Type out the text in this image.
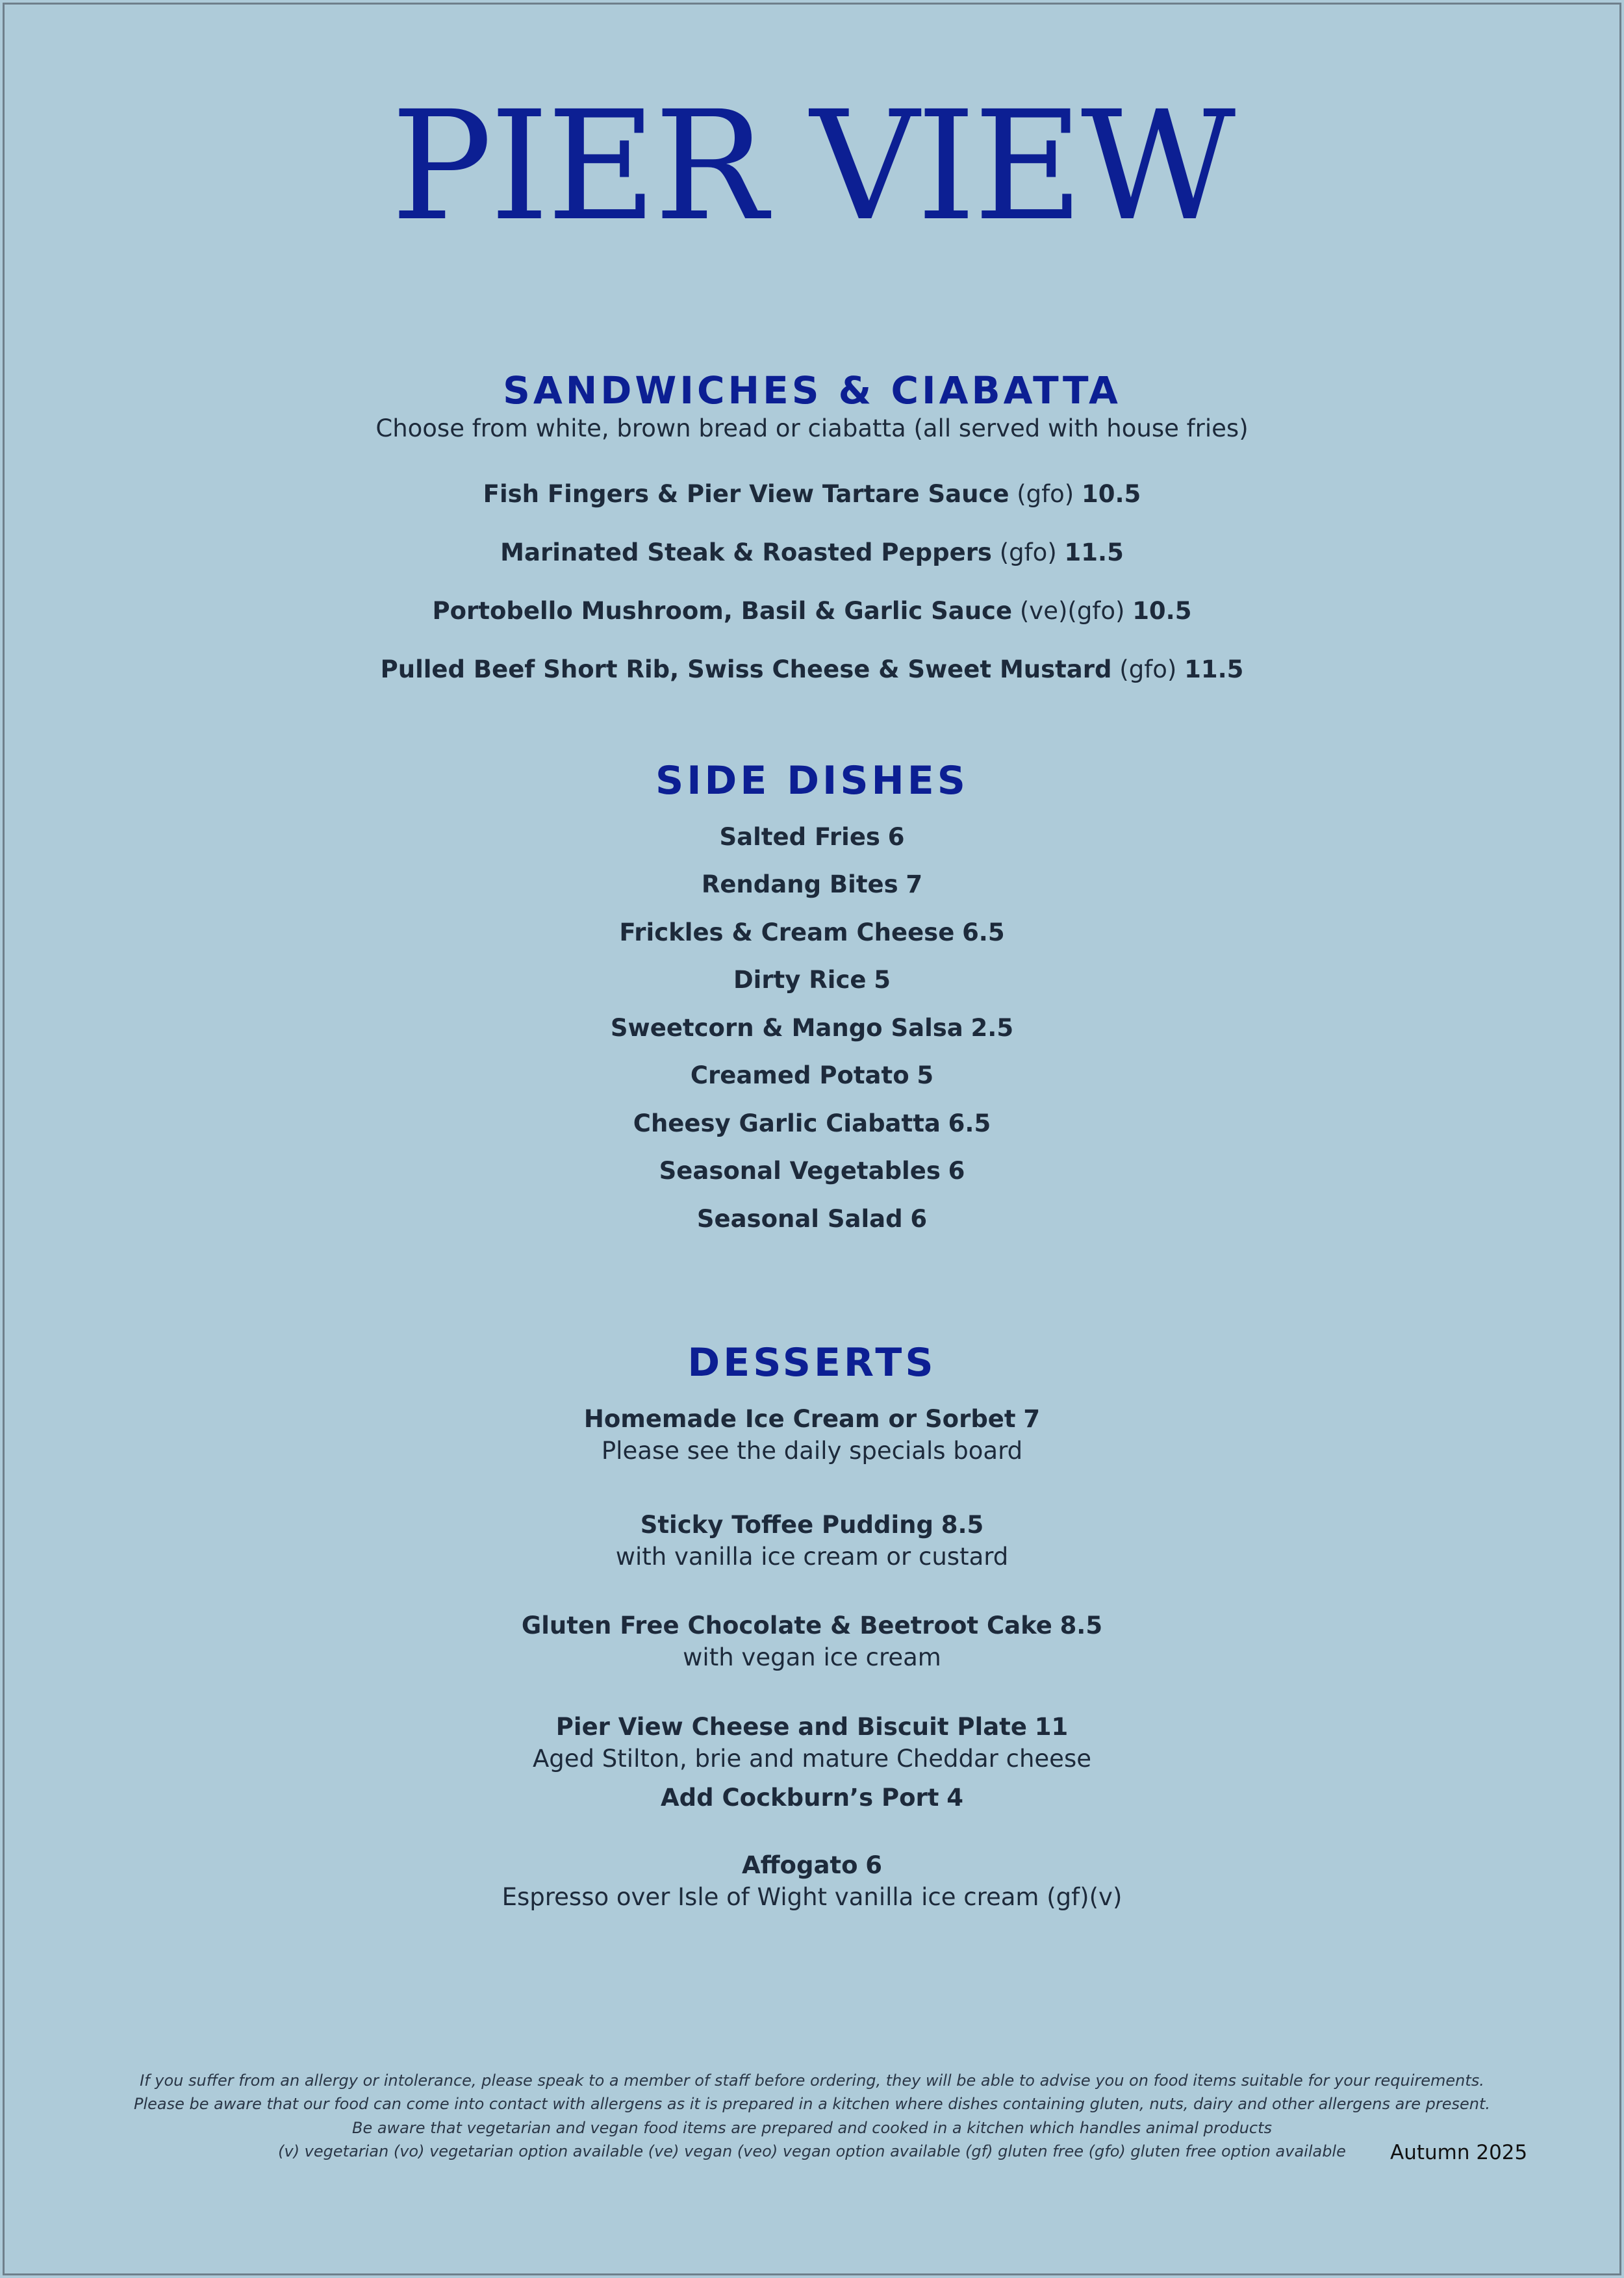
PIER VIEW
SANDWICHES & CIABATTA
Choose from white, brown bread or ciabatta (all served with house fries)
Fish Fingers & Pier View Tartare Sauce (gfo) 10.5
Marinated Steak & Roasted Peppers (gfo) 11.5
Portobello Mushroom, Basil & Garlic Sauce (ve)(gfo) 10.5
Pulled Beef Short Rib, Swiss Cheese & Sweet Mustard (gfo) 11.5
SIDE DISHES
Salted Fries 6
Rendang Bites 7
Frickles & Cream Cheese 6.5
Dirty Rice 5
Sweetcorn & Mango Salsa 2.5
Creamed Potato 5
Cheesy Garlic Ciabatta 6.5
Seasonal Vegetables 6
Seasonal Salad 6
DESSERTS
Homemade Ice Cream or Sorbet 7
Please see the daily specials board
Sticky Toffee Pudding 8.5
with vanilla ice cream or custard
Gluten Free Chocolate & Beetroot Cake 8.5
with vegan ice cream
Pier View Cheese and Biscuit Plate 11
Aged Stilton, brie and mature Cheddar cheese
Add Cockburn’s Port 4
Affogato 6
Espresso over Isle of Wight vanilla ice cream (gf)(v)
If you suffer from an allergy or intolerance, please speak to a member of staff before ordering, they will be able to advise you on food items suitable for your requirements.
Please be aware that our food can come into contact with allergens as it is prepared in a kitchen where dishes containing gluten, nuts, dairy and other allergens are present.
Be aware that vegetarian and vegan food items are prepared and cooked in a kitchen which handles animal products
(v) vegetarian (vo) vegetarian option available (ve) vegan (veo) vegan option available (gf) gluten free (gfo) gluten free option available	Autumn 2025
